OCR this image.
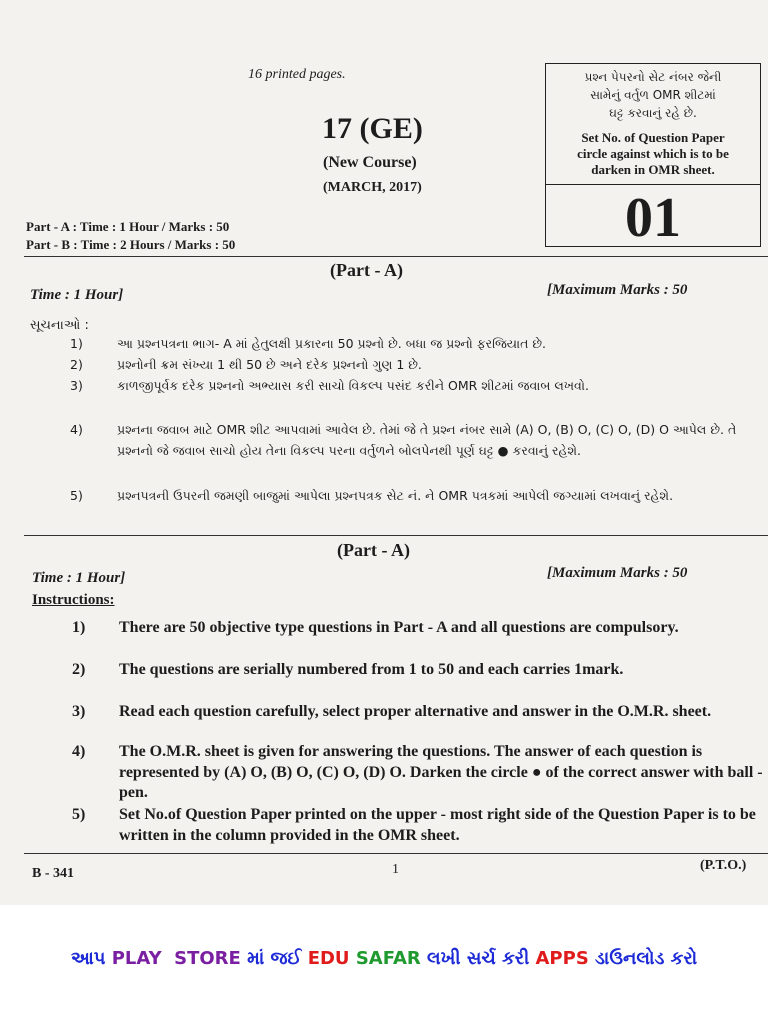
16 printed pages.
17 (GE)
(New Course)
(MARCH, 2017)
પ્રશ્ન પેપરનો સેટ નંબર જેની
સામેનું વર્તુળ OMR શીટમાં
ઘટ્ટ કરવાનું રહે છે.
Set No. of Question Paper
circle against which is to be
darken in OMR sheet.
01
Part - A : Time : 1 Hour / Marks : 50
Part - B : Time : 2 Hours / Marks : 50
(Part - A)
Time : 1 Hour]	[Maximum Marks : 50
સૂચનાઓ :
1)	આ પ્રશ્નપત્રના ભાગ- A માં હેતુલક્ષી પ્રકારના 50 પ્રશ્નો છે. બધા જ પ્રશ્નો ફરજિયાત છે.
2)	પ્રશ્નોની ક્રમ સંખ્યા 1 થી 50 છે અને દરેક પ્રશ્નનો ગુણ 1 છે.
3)	કાળજીપૂર્વક દરેક પ્રશ્નનો અભ્યાસ કરી સાચો વિકલ્પ પસંદ કરીને OMR શીટમાં જવાબ લખવો.
4)	પ્રશ્નના જવાબ માટે OMR શીટ આપવામાં આવેલ છે. તેમાં જે તે પ્રશ્ન નંબર સામે (A) O, (B) O, (C) O, (D) O આપેલ છે. તે પ્રશ્નનો જે જવાબ સાચો હોય તેના વિકલ્પ પરના વર્તુળને બોલપેનથી પૂર્ણ ઘટ્ટ ● કરવાનું રહેશે.
5)	પ્રશ્નપત્રની ઉપરની જમણી બાજુમાં આપેલા પ્રશ્નપત્રક સેટ નં. ને OMR પત્રકમાં આપેલી જગ્યામાં લખવાનું રહેશે.
(Part - A)
Time : 1 Hour]	[Maximum Marks : 50
Instructions:
1) There are 50 objective type questions in Part - A and all questions are compulsory.
2) The questions are serially numbered from 1 to 50 and each carries 1mark.
3) Read each question carefully, select proper alternative and answer in the O.M.R. sheet.
4) The O.M.R. sheet is given for answering the questions. The answer of each question is represented by (A) O, (B) O, (C) O, (D) O. Darken the circle ● of the correct answer with ball - pen.
5) Set No.of Question Paper printed on the upper - most right side of the Question Paper is to be written in the column provided in the OMR sheet.
B - 341	1	(P.T.O.)
આપ PLAY  STORE માં જઈ EDU SAFAR લખી સર્ચ કરી APPS ડાઉનલોડ કરો
